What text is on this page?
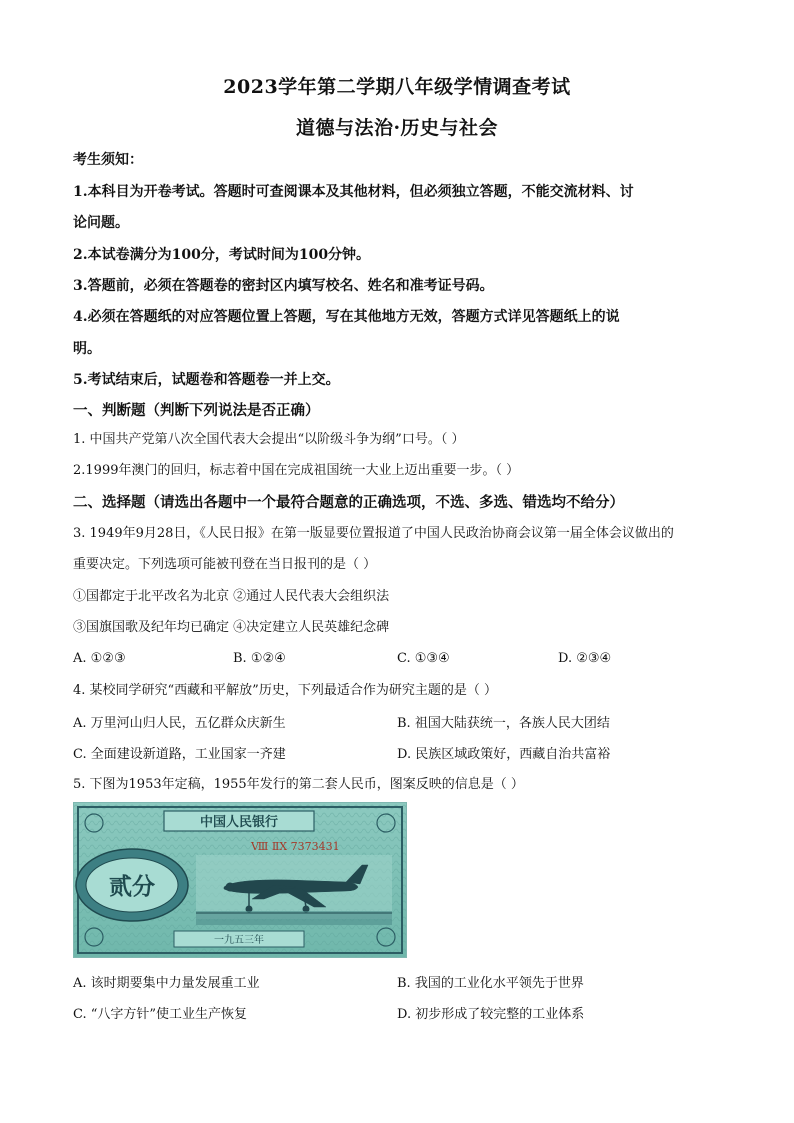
2023学年第二学期八年级学情调查考试
道德与法治·历史与社会
考生须知：
1.本科目为开卷考试。答题时可查阅课本及其他材料，但必须独立答题，不能交流材料、讨
论问题。
2.本试卷满分为100分，考试时间为100分钟。
3.答题前，必须在答题卷的密封区内填写校名、姓名和准考证号码。
4.必须在答题纸的对应答题位置上答题，写在其他地方无效，答题方式详见答题纸上的说
明。
5.考试结束后，试题卷和答题卷一并上交。
一、判断题（判断下列说法是否正确）
1. 中国共产党第八次全国代表大会提出“以阶级斗争为纲”口号。（ ）
2.1999年澳门的回归，标志着中国在完成祖国统一大业上迈出重要一步。（ ）
二、选择题（请选出各题中一个最符合题意的正确选项，不选、多选、错选均不给分）
3. 1949年9月28日，《人民日报》在第一版显要位置报道了中国人民政治协商会议第一届全体会议做出的
重要决定。下列选项可能被刊登在当日报刊的是（ ）
①国都定于北平改名为北京 ②通过人民代表大会组织法
③国旗国歌及纪年均已确定 ④决定建立人民英雄纪念碑
A. ①②③	B. ①②④	C. ①③④	D. ②③④
4. 某校同学研究“西藏和平解放”历史，下列最适合作为研究主题的是（ ）
A. 万里河山归人民，五亿群众庆新生	B. 祖国大陆获统一，各族人民大团结
C. 全面建设新道路，工业国家一齐建	D. 民族区域政策好，西藏自治共富裕
5. 下图为1953年定稿，1955年发行的第二套人民币，图案反映的信息是（ ）
中国人民银行
Ⅷ ⅡⅩ 7373431
贰分
一九五三年
A. 该时期要集中力量发展重工业	B. 我国的工业化水平领先于世界
C. “八字方针”使工业生产恢复	D. 初步形成了较完整的工业体系
